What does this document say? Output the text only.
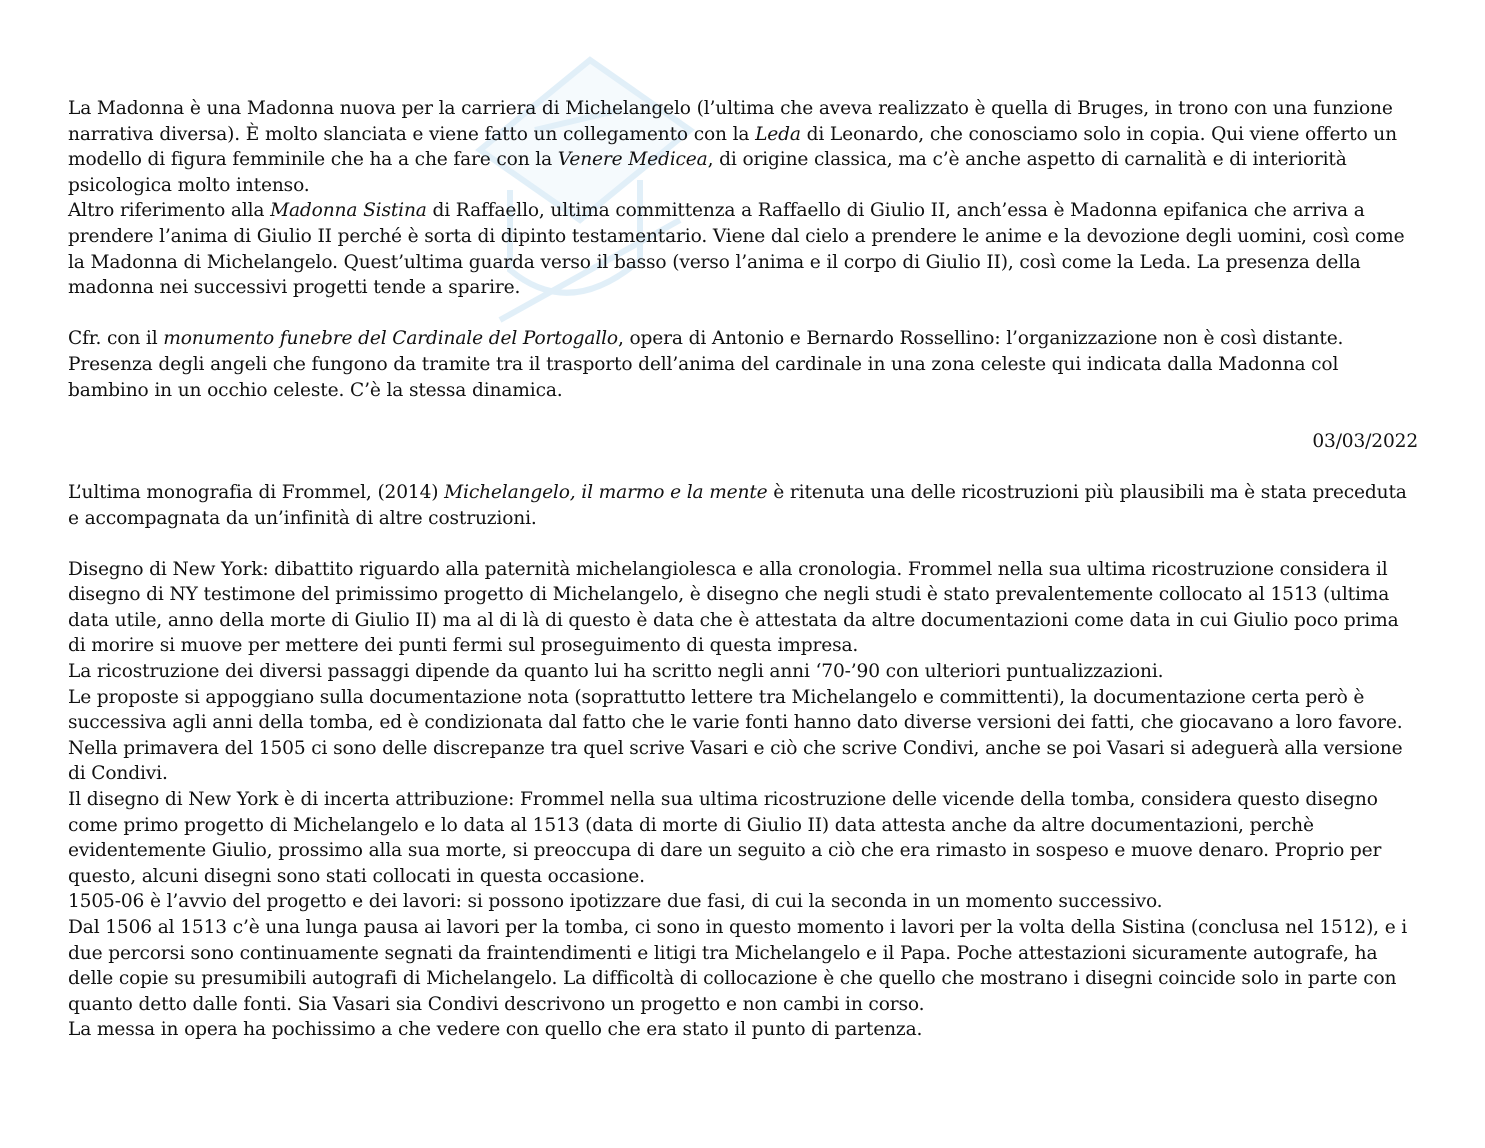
La Madonna è una Madonna nuova per la carriera di Michelangelo (l’ultima che aveva realizzato è quella di Bruges, in trono con una funzione narrativa diversa). È molto slanciata e viene fatto un collegamento con la Leda di Leonardo, che conosciamo solo in copia. Qui viene offerto un modello di figura femminile che ha a che fare con la Venere Medicea, di origine classica, ma c’è anche aspetto di carnalità e di interiorità psicologica molto intenso.

Altro riferimento alla Madonna Sistina di Raffaello, ultima committenza a Raffaello di Giulio II, anch’essa è Madonna epifanica che arriva a prendere l’anima di Giulio II perché è sorta di dipinto testamentario. Viene dal cielo a prendere le anime e la devozione degli uomini, così come la Madonna di Michelangelo. Quest’ultima guarda verso il basso (verso l’anima e il corpo di Giulio II), così come la Leda. La presenza della madonna nei successivi progetti tende a sparire.

Cfr. con il monumento funebre del Cardinale del Portogallo, opera di Antonio e Bernardo Rossellino: l’organizzazione non è così distante. Presenza degli angeli che fungono da tramite tra il trasporto dell’anima del cardinale in una zona celeste qui indicata dalla Madonna col bambino in un occhio celeste. C’è la stessa dinamica.

03/03/2022

L’ultima monografia di Frommel, (2014) Michelangelo, il marmo e la mente è ritenuta una delle ricostruzioni più plausibili ma è stata preceduta e accompagnata da un’infinità di altre costruzioni.

Disegno di New York: dibattito riguardo alla paternità michelangiolesca e alla cronologia. Frommel nella sua ultima ricostruzione considera il disegno di NY testimone del primissimo progetto di Michelangelo, è disegno che negli studi è stato prevalentemente collocato al 1513 (ultima data utile, anno della morte di Giulio II) ma al di là di questo è data che è attestata da altre documentazioni come data in cui Giulio poco prima di morire si muove per mettere dei punti fermi sul proseguimento di questa impresa.

La ricostruzione dei diversi passaggi dipende da quanto lui ha scritto negli anni ‘70-’90 con ulteriori puntualizzazioni.

Le proposte si appoggiano sulla documentazione nota (soprattutto lettere tra Michelangelo e committenti), la documentazione certa però è successiva agli anni della tomba, ed è condizionata dal fatto che le varie fonti hanno dato diverse versioni dei fatti, che giocavano a loro favore.

Nella primavera del 1505 ci sono delle discrepanze tra quel scrive Vasari e ciò che scrive Condivi, anche se poi Vasari si adeguerà alla versione di Condivi.

Il disegno di New York è di incerta attribuzione: Frommel nella sua ultima ricostruzione delle vicende della tomba, considera questo disegno come primo progetto di Michelangelo e lo data al 1513 (data di morte di Giulio II) data attesta anche da altre documentazioni, perchè evidentemente Giulio, prossimo alla sua morte, si preoccupa di dare un seguito a ciò che era rimasto in sospeso e muove denaro. Proprio per questo, alcuni disegni sono stati collocati in questa occasione.

1505-06 è l’avvio del progetto e dei lavori: si possono ipotizzare due fasi, di cui la seconda in un momento successivo.

Dal 1506 al 1513 c’è una lunga pausa ai lavori per la tomba, ci sono in questo momento i lavori per la volta della Sistina (conclusa nel 1512), e i due percorsi sono continuamente segnati da fraintendimenti e litigi tra Michelangelo e il Papa. Poche attestazioni sicuramente autografe, ha delle copie su presumibili autografi di Michelangelo. La difficoltà di collocazione è che quello che mostrano i disegni coincide solo in parte con quanto detto dalle fonti. Sia Vasari sia Condivi descrivono un progetto e non cambi in corso.

La messa in opera ha pochissimo a che vedere con quello che era stato il punto di partenza.
